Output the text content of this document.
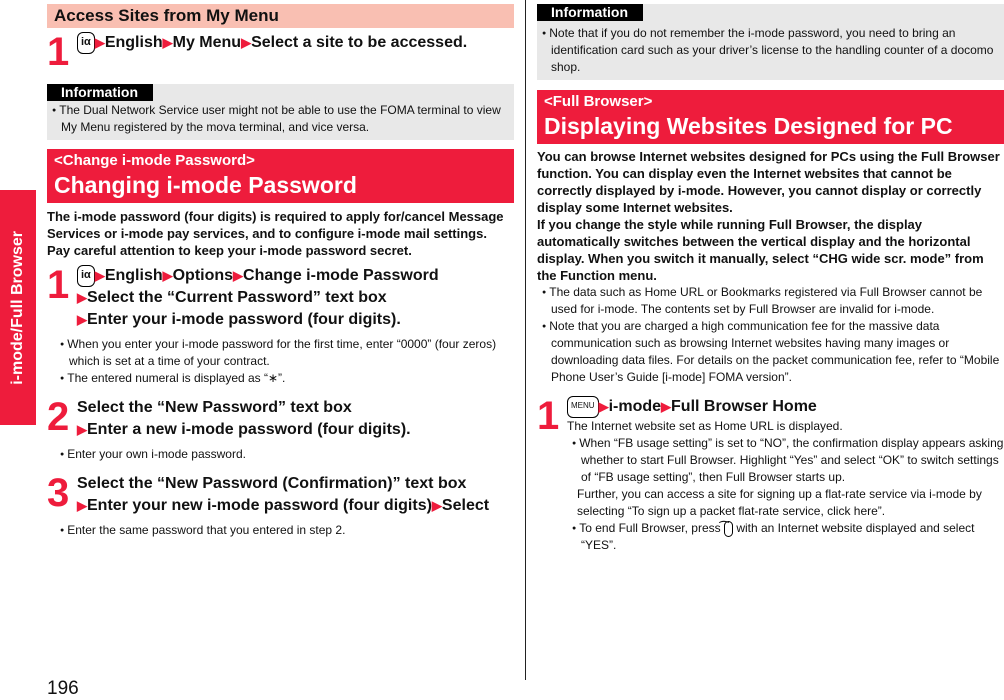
i-mode/Full Browser
196
Access Sites from My Menu
1	iα ▶English▶My Menu▶Select a site to be accessed.
Information
● The Dual Network Service user might not be able to use the FOMA terminal to view My Menu registered by the mova terminal, and vice versa.
<Change i-mode Password>
Changing i-mode Password
The i-mode password (four digits) is required to apply for/cancel Message Services or i-mode pay services, and to configure i-mode mail settings.
Pay careful attention to keep your i-mode password secret.
1	iα ▶English▶Options▶Change i-mode Password
▶Select the “Current Password” text box
▶Enter your i-mode password (four digits).
● When you enter your i-mode password for the first time, enter “0000” (four zeros) which is set at a time of your contract.
● The entered numeral is displayed as “∗”.
2 Select the “New Password” text box
▶Enter a new i-mode password (four digits).
● Enter your own i-mode password.
3 Select the “New Password (Confirmation)” text box
▶Enter your new i-mode password (four digits)▶Select
● Enter the same password that you entered in step 2.
Information
● Note that if you do not remember the i-mode password, you need to bring an identification card such as your driver’s license to the handling counter of a docomo shop.
<Full Browser>
Displaying Websites Designed for PC
You can browse Internet websites designed for PCs using the Full Browser function. You can display even the Internet websites that cannot be correctly displayed by i-mode. However, you cannot display or correctly display some Internet websites.
If you change the style while running Full Browser, the display automatically switches between the vertical display and the horizontal display. When you switch it manually, select “CHG wide scr. mode” from the Function menu.
● The data such as Home URL or Bookmarks registered via Full Browser cannot be used for i-mode. The contents set by Full Browser are invalid for i-mode.
● Note that you are charged a high communication fee for the massive data communication such as browsing Internet websites having many images or downloading data files. For details on the packet communication fee, refer to “Mobile Phone User’s Guide [i-mode] FOMA version”.
1	MENU ▶i-mode▶Full Browser Home
The Internet website set as Home URL is displayed.
● When “FB usage setting” is set to “NO”, the confirmation display appears asking whether to start Full Browser. Highlight “Yes” and select “OK” to switch settings of “FB usage setting”, then Full Browser starts up.
Further, you can access a site for signing up a flat-rate service via i-mode by selecting “To sign up a packet flat-rate service, click here”.
● To end Full Browser, press ⌒ with an Internet website displayed and select “YES”.
